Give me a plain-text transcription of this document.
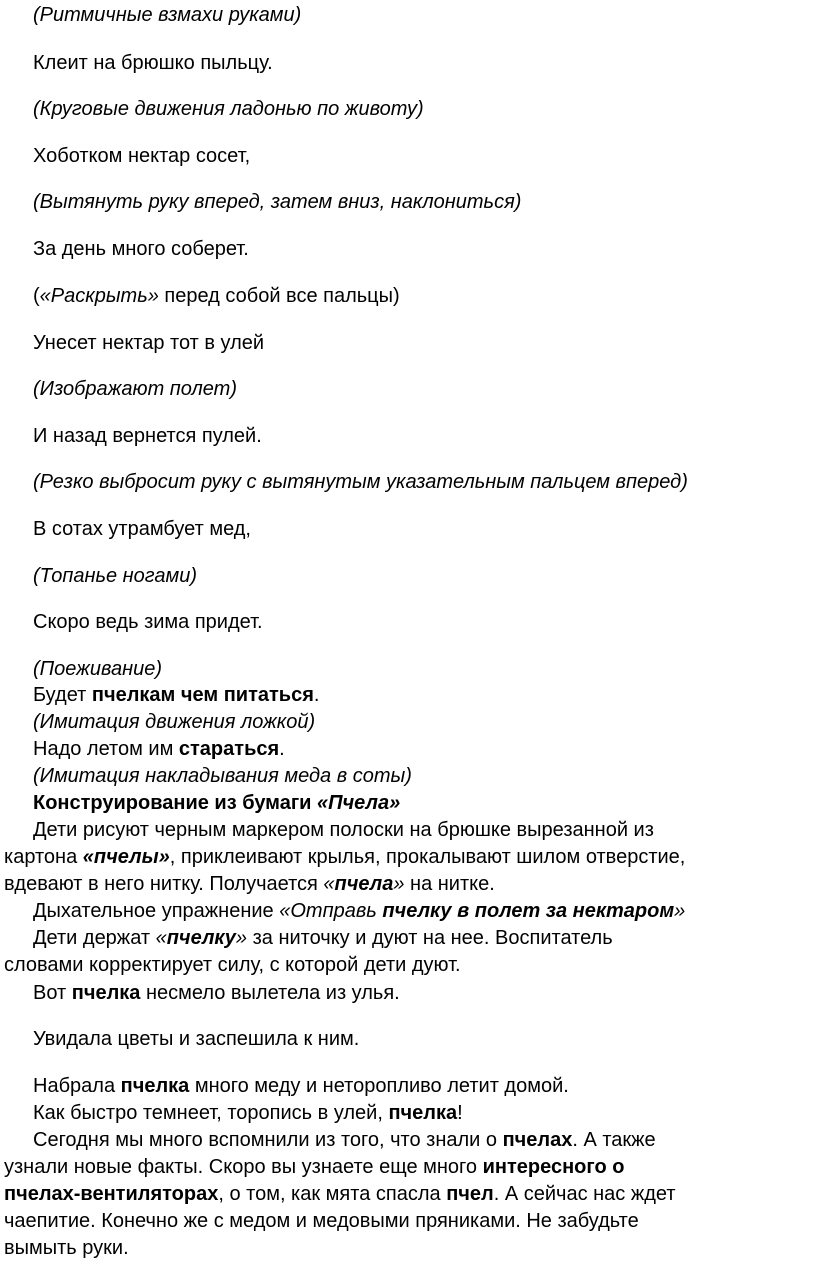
(Ритмичные взмахи руками)

Клеит на брюшко пыльцу.

(Круговые движения ладонью по животу)

Хоботком нектар сосет,

(Вытянуть руку вперед, затем вниз, наклониться)

За день много соберет.

(«Раскрыть» перед собой все пальцы)

Унесет нектар тот в улей

(Изображают полет)

И назад вернется пулей.

(Резко выбросит руку с вытянутым указательным пальцем вперед)

В сотах утрамбует мед,

(Топанье ногами)

Скоро ведь зима придет.

(Поеживание)

Будет пчелкам чем питаться.

(Имитация движения ложкой)

Надо летом им стараться.

(Имитация накладывания меда в соты)

Конструирование из бумаги «Пчела»

Дети рисуют черным маркером полоски на брюшке вырезанной из

картона «пчелы», приклеивают крылья, прокалывают шилом отверстие,

вдевают в него нитку. Получается «пчела» на нитке.

Дыхательное упражнение «Отправь пчелку в полет за нектаром»

Дети держат «пчелку» за ниточку и дуют на нее. Воспитатель

словами корректирует силу, с которой дети дуют.

Вот пчелка несмело вылетела из улья.

Увидала цветы и заспешила к ним.

Набрала пчелка много меду и неторопливо летит домой.

Как быстро темнеет, торопись в улей, пчелка!

Сегодня мы много вспомнили из того, что знали о пчелах. А также

узнали новые факты. Скоро вы узнаете еще много интересного о

пчелах-вентиляторах, о том, как мята спасла пчел. А сейчас нас ждет

чаепитие. Конечно же с медом и медовыми пряниками. Не забудьте

вымыть руки.
